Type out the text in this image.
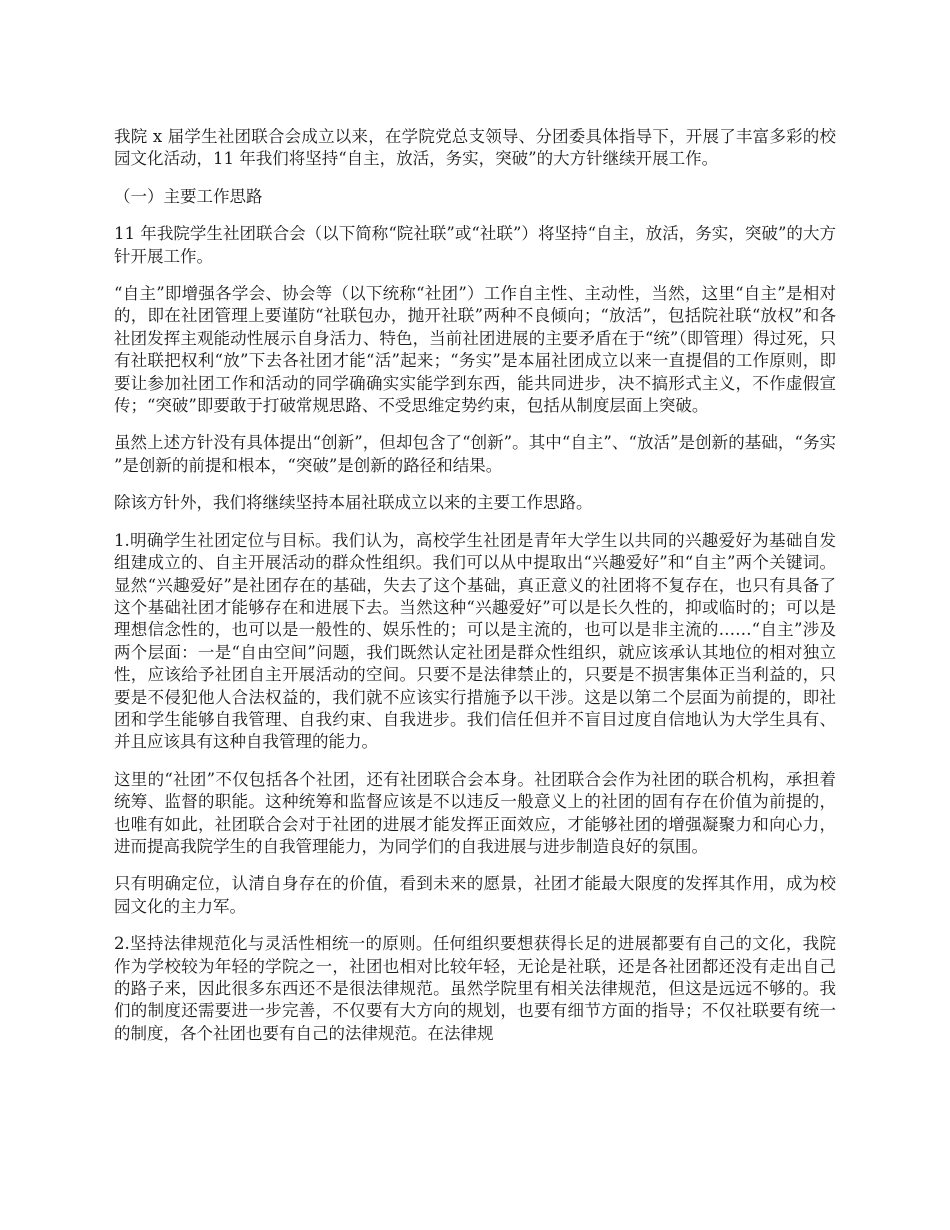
我院 x 届学生社团联合会成立以来，在学院党总支领导、分团委具体指导下，开展了丰富多彩的校园文化活动，11 年我们将坚持“自主，放活，务实，突破”的大方针继续开展工作。

（一）主要工作思路

11 年我院学生社团联合会（以下简称“院社联”或“社联”）将坚持“自主，放活，务实，突破”的大方针开展工作。

“自主”即增强各学会、协会等（以下统称“社团”）工作自主性、主动性，当然，这里“自主”是相对的，即在社团管理上要谨防“社联包办，抛开社联”两种不良倾向；“放活”，包括院社联“放权”和各社团发挥主观能动性展示自身活力、特色，当前社团进展的主要矛盾在于“统”（即管理）得过死，只有社联把权利“放”下去各社团才能“活”起来；“务实”是本届社团成立以来一直提倡的工作原则，即要让参加社团工作和活动的同学确确实实能学到东西，能共同进步，决不搞形式主义，不作虚假宣传；“突破”即要敢于打破常规思路、不受思维定势约束，包括从制度层面上突破。

虽然上述方针没有具体提出“创新”，但却包含了“创新”。其中“自主”、“放活”是创新的基础，“务实”是创新的前提和根本，“突破”是创新的路径和结果。

除该方针外，我们将继续坚持本届社联成立以来的主要工作思路。

1.明确学生社团定位与目标。我们认为，高校学生社团是青年大学生以共同的兴趣爱好为基础自发组建成立的、自主开展活动的群众性组织。我们可以从中提取出“兴趣爱好”和“自主”两个关键词。显然“兴趣爱好”是社团存在的基础，失去了这个基础，真正意义的社团将不复存在，也只有具备了这个基础社团才能够存在和进展下去。当然这种“兴趣爱好”可以是长久性的，抑或临时的；可以是理想信念性的，也可以是一般性的、娱乐性的；可以是主流的，也可以是非主流的……“自主”涉及两个层面：一是“自由空间”问题，我们既然认定社团是群众性组织，就应该承认其地位的相对独立性，应该给予社团自主开展活动的空间。只要不是法律禁止的，只要是不损害集体正当利益的，只要是不侵犯他人合法权益的，我们就不应该实行措施予以干涉。这是以第二个层面为前提的，即社团和学生能够自我管理、自我约束、自我进步。我们信任但并不盲目过度自信地认为大学生具有、并且应该具有这种自我管理的能力。

这里的“社团”不仅包括各个社团，还有社团联合会本身。社团联合会作为社团的联合机构，承担着统筹、监督的职能。这种统筹和监督应该是不以违反一般意义上的社团的固有存在价值为前提的，也唯有如此，社团联合会对于社团的进展才能发挥正面效应，才能够社团的增强凝聚力和向心力，进而提高我院学生的自我管理能力，为同学们的自我进展与进步制造良好的氛围。

只有明确定位，认清自身存在的价值，看到未来的愿景，社团才能最大限度的发挥其作用，成为校园文化的主力军。

2.坚持法律规范化与灵活性相统一的原则。任何组织要想获得长足的进展都要有自己的文化，我院作为学校较为年轻的学院之一，社团也相对比较年轻，无论是社联，还是各社团都还没有走出自己的路子来，因此很多东西还不是很法律规范。虽然学院里有相关法律规范，但这是远远不够的。我们的制度还需要进一步完善，不仅要有大方向的规划，也要有细节方面的指导；不仅社联要有统一的制度，各个社团也要有自己的法律规范。在法律规
